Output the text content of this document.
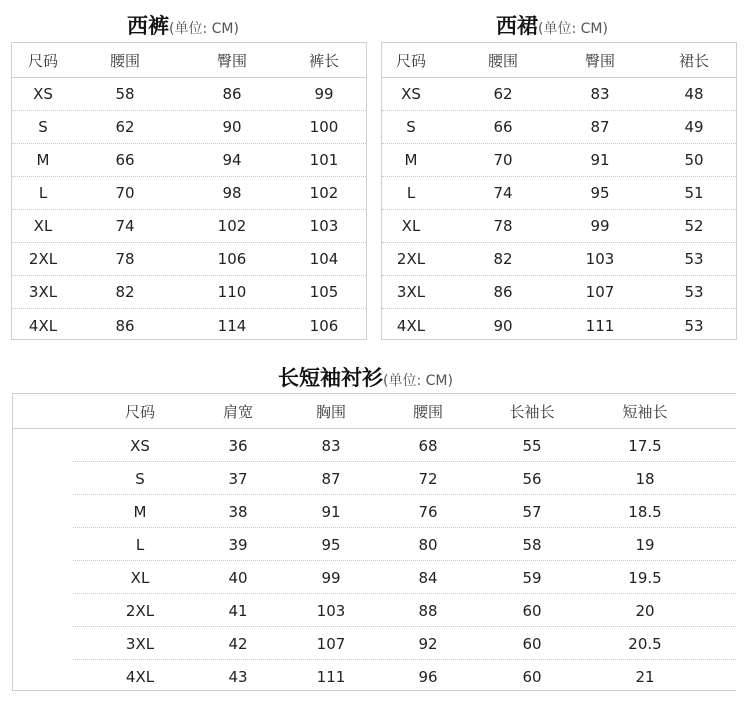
西裤(单位: CM)
尺码	腰围	臀围	裤长
XS	58	86	99
S	62	90	100
M	66	94	101
L	70	98	102
XL	74	102	103
2XL	78	106	104
3XL	82	110	105
4XL	86	114	106
西裙(单位: CM)
尺码	腰围	臀围	裙长
XS	62	83	48
S	66	87	49
M	70	91	50
L	74	95	51
XL	78	99	52
2XL	82	103	53
3XL	86	107	53
4XL	90	111	53
长短袖衬衫(单位: CM)
尺码	肩宽	胸围	腰围	长袖长	短袖长
XS	36	83	68	55	17.5
S	37	87	72	56	18
M	38	91	76	57	18.5
L	39	95	80	58	19
XL	40	99	84	59	19.5
2XL	41	103	88	60	20
3XL	42	107	92	60	20.5
4XL	43	111	96	60	21
